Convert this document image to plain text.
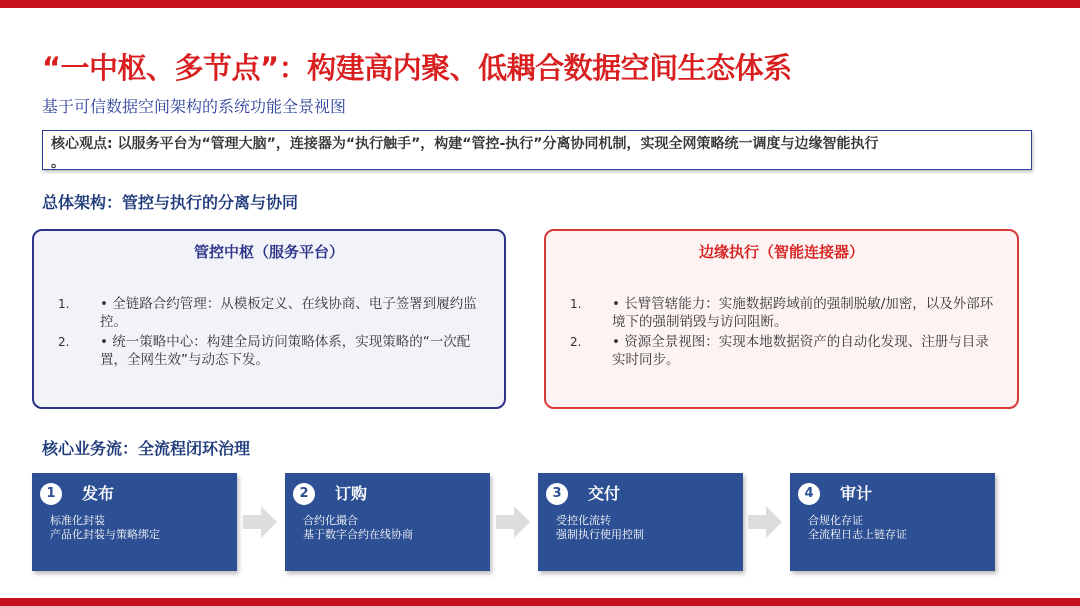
“一中枢、多节点”：构建高内聚、低耦合数据空间生态体系
基于可信数据空间架构的系统功能全景视图
核心观点: 以服务平台为“管理大脑”，连接器为“执行触手”，构建“管控-执行”分离协同机制，实现全网策略统一调度与边缘智能执行
。
总体架构：管控与执行的分离与协同
管控中枢（服务平台）
1. • 全链路合约管理：从模板定义、在线协商、电子签署到履约监控。
2. • 统一策略中心：构建全局访问策略体系，实现策略的“一次配置，全网生效”与动态下发。
边缘执行（智能连接器）
1. • 长臂管辖能力：实施数据跨域前的强制脱敏/加密，以及外部环境下的强制销毁与访问阻断。
2. • 资源全景视图：实现本地数据资产的自动化发现、注册与目录实时同步。
核心业务流：全流程闭环治理
1	发布
标准化封装
产品化封装与策略绑定
2	订购
合约化撮合
基于数字合约在线协商
3	交付
受控化流转
强制执行使用控制
4	审计
合规化存证
全流程日志上链存证
